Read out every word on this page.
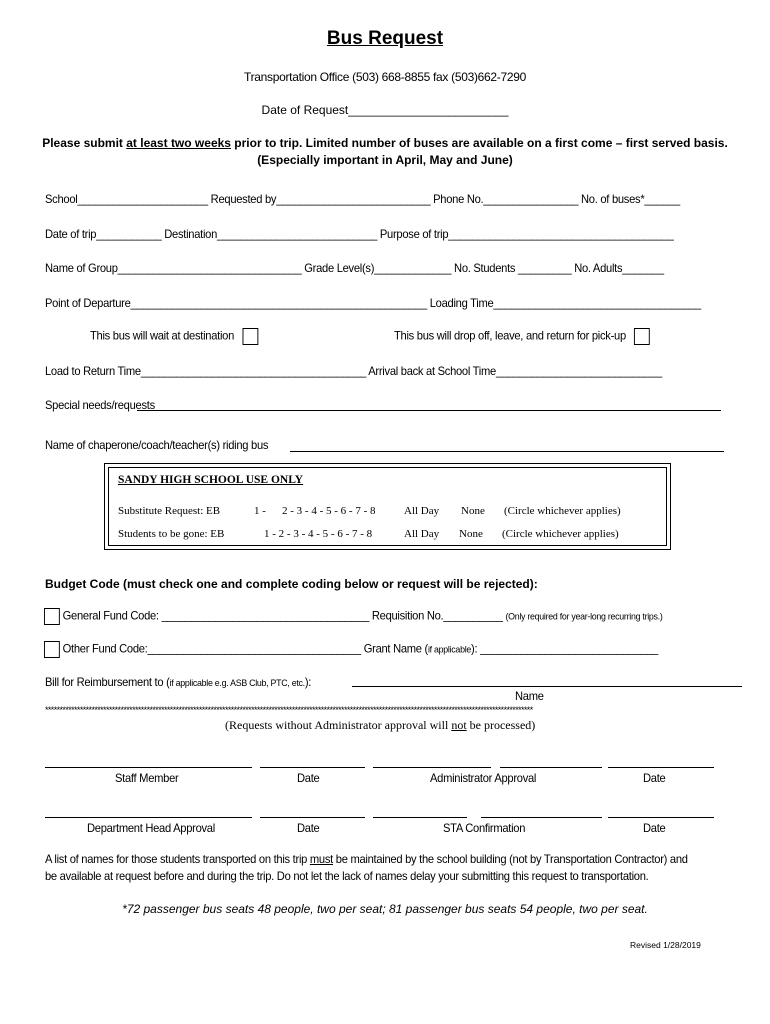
Bus Request
Transportation Office (503) 668-8855 fax (503)662-7290
Date of Request________________________
Please submit at least two weeks prior to trip. Limited number of buses are available on a first come – first served basis.
(Especially important in April, May and June)
School______________________ Requested by__________________________ Phone No.________________ No. of buses*______
Date of trip___________ Destination___________________________ Purpose of trip______________________________________
Name of Group_______________________________ Grade Level(s)_____________ No. Students _________ No. Adults_______
Point of Departure__________________________________________________ Loading Time___________________________________
This bus will wait at destination	This bus will drop off, leave, and return for pick-up
Load to Return Time______________________________________ Arrival back at School Time____________________________
Special needs/requests
Name of chaperone/coach/teacher(s) riding bus
SANDY HIGH SCHOOL USE ONLY
Substitute Request: EB	1 - 2 - 3 - 4 - 5 - 6 - 7 - 8	All Day None (Circle whichever applies)
Students to be gone: EB	1 - 2 - 3 - 4 - 5 - 6 - 7 - 8	All Day None (Circle whichever applies)
Budget Code (must check one and complete coding below or request will be rejected):
General Fund Code: ___________________________________ Requisition No.__________ (Only required for year-long recurring trips.)
Other Fund Code:____________________________________ Grant Name (if applicable): ______________________________
Bill for Reimbursement to (if applicable e.g. ASB Club, PTC, etc.):
Name
************************************************************************************************************************************************************************
(Requests without Administrator approval will not be processed)
Staff Member	Date	Administrator Approval	Date
Department Head Approval	Date	STA Confirmation	Date
A list of names for those students transported on this trip must be maintained by the school building (not by Transportation Contractor) and
be available at request before and during the trip. Do not let the lack of names delay your submitting this request to transportation.
*72 passenger bus seats 48 people, two per seat; 81 passenger bus seats 54 people, two per seat.
Revised 1/28/2019
